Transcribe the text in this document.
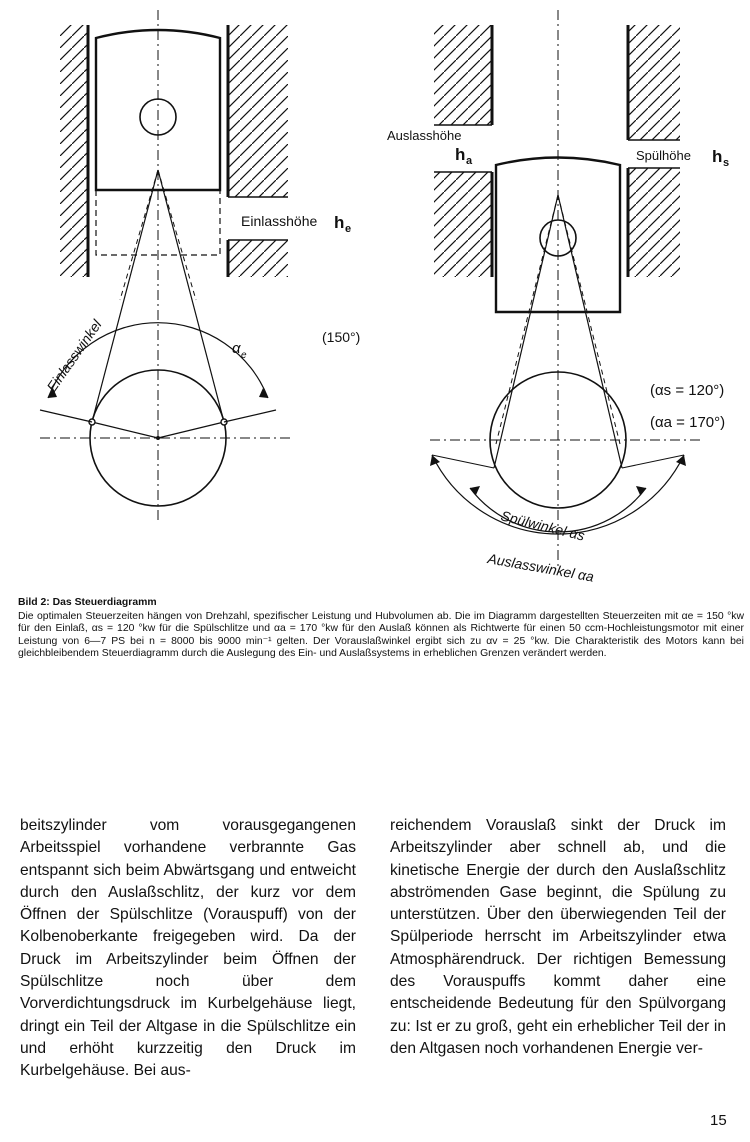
Einlasshöhe h e
Einlasswinkel	α e
(150°)
Auslasshöhe
h a	Spülhöhe h s
(αs = 120°)
(αa = 170°)
Spülwinkel αs
Auslasswinkel αa
Bild 2: Das Steuerdiagramm
Die optimalen Steuerzeiten hängen von Drehzahl, spezifischer Leistung und Hubvolumen ab. Die im Diagramm dargestellten Steuerzeiten mit αe = 150 °kw für den Einlaß, αs = 120 °kw für die Spülschlitze und αa = 170 °kw für den Auslaß können als Richtwerte für einen 50 ccm-Hochleistungsmotor mit einer Leistung von 6—7 PS bei n = 8000 bis 9000 min⁻¹ gelten. Der Vorauslaßwinkel ergibt sich zu αv = 25 °kw. Die Charakteristik des Motors kann bei gleichbleibendem Steuerdiagramm durch die Auslegung des Ein- und Auslaßsystems in erheblichen Grenzen verändert werden.
beitszylinder vom vorausgegangenen Arbeitsspiel vorhandene verbrannte Gas entspannt sich beim Abwärtsgang und entweicht durch den Auslaßschlitz, der kurz vor dem Öffnen der Spülschlitze (Vorauspuff) von der Kolbenoberkante freigegeben wird. Da der Druck im Arbeitszylinder beim Öffnen der Spülschlitze noch über dem Vorverdichtungsdruck im Kurbelgehäuse liegt, dringt ein Teil der Altgase in die Spülschlitze ein und erhöht kurzzeitig den Druck im Kurbelgehäuse. Bei aus-
reichendem Vorauslaß sinkt der Druck im Arbeitszylinder aber schnell ab, und die kinetische Energie der durch den Auslaßschlitz abströmenden Gase beginnt, die Spülung zu unterstützen. Über den überwiegenden Teil der Spülperiode herrscht im Arbeitszylinder etwa Atmosphärendruck. Der richtigen Bemessung des Vorauspuffs kommt daher eine entscheidende Bedeutung für den Spülvorgang zu: Ist er zu groß, geht ein erheblicher Teil der in den Altgasen noch vorhandenen Energie ver-
15
